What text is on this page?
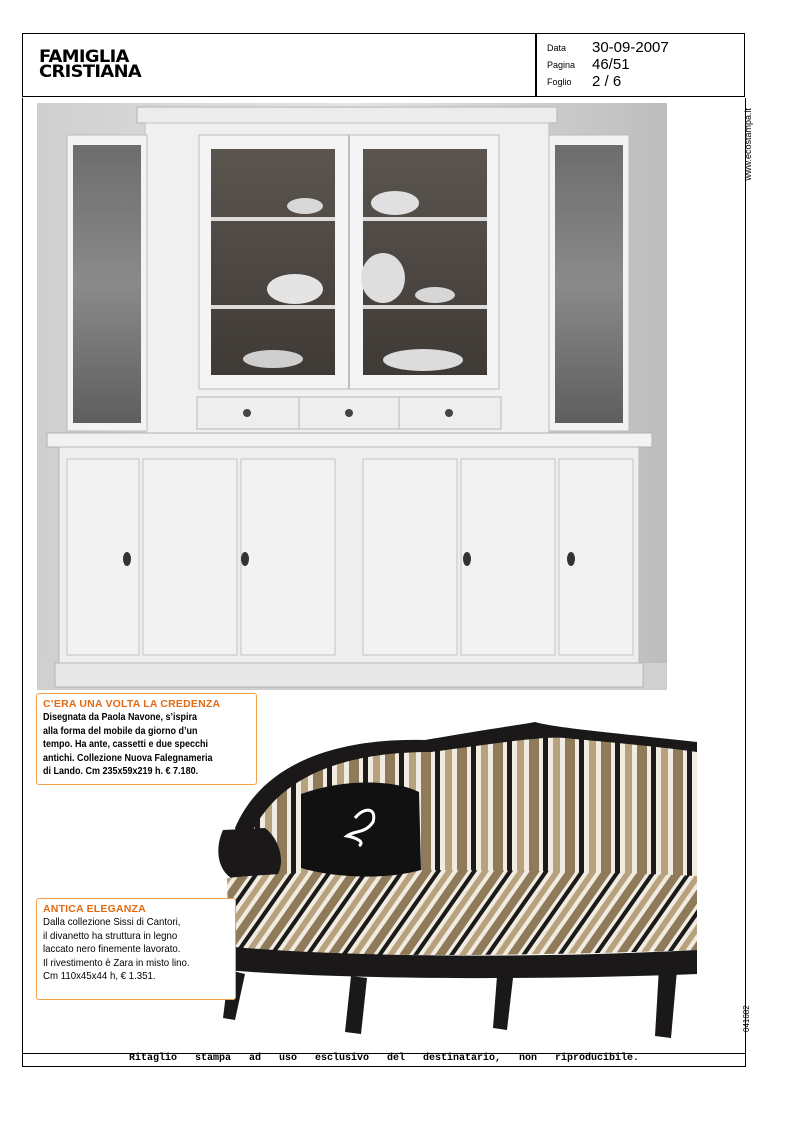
FAMIGLIA
CRISTIANA
Data 30-09-2007
Pagina 46/51
Foglio 2 / 6
www.ecostampa.it
C’ERA UNA VOLTA LA CREDENZA
Disegnata da Paola Navone, s’ispira
alla forma del mobile da giorno d’un
tempo. Ha ante, cassetti e due specchi
antichi. Collezione Nuova Falegnameria
di Lando. Cm 235x59x219 h. € 7.180.
ANTICA ELEGANZA
Dalla collezione Sissi di Cantori,
il divanetto ha struttura in legno
laccato nero finemente lavorato.
Il rivestimento è Zara in misto lino.
Cm 110x45x44 h, € 1.351.
041682
Ritaglio stampa ad uso esclusivo del destinatario, non riproducibile.
